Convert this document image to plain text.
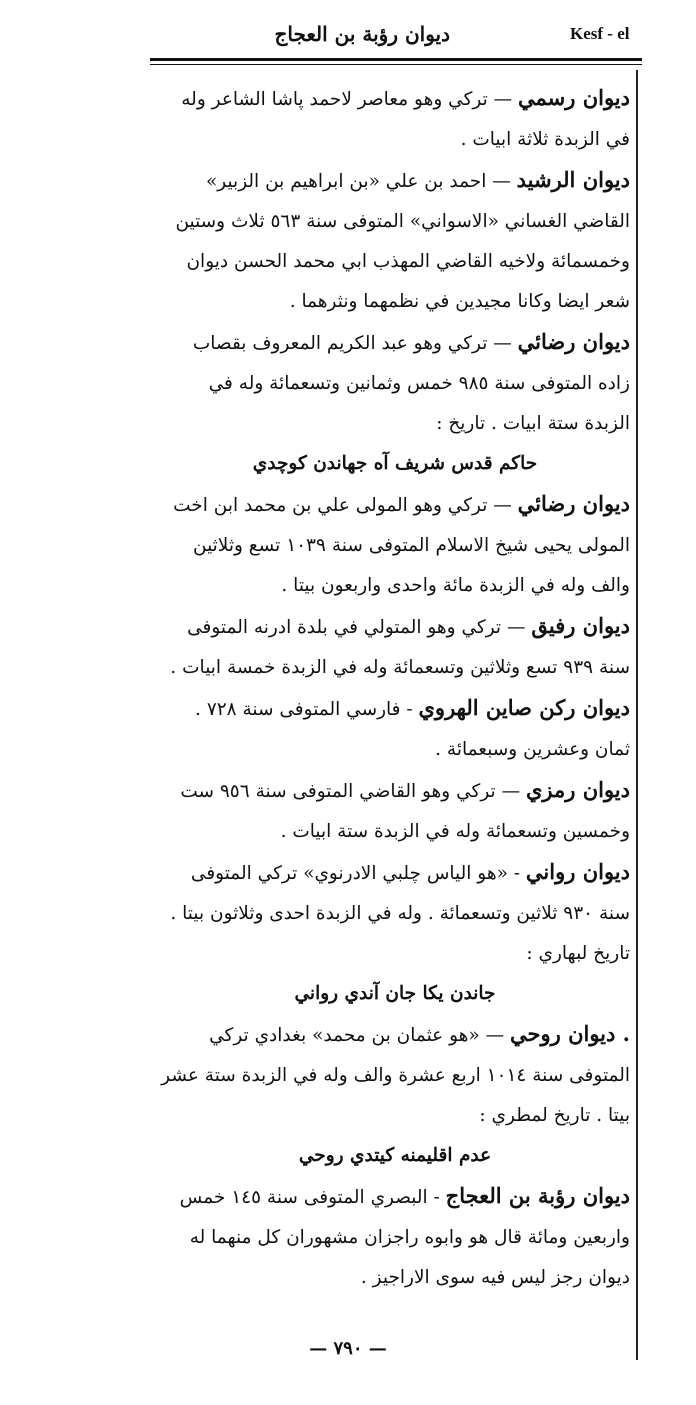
ديوان رؤبة بن العجاج	Kesf - el

ديوان رسمي — تركي وهو معاصر لاحمد پاشا الشاعر وله في الزبدة ثلاثة ابيات .

ديوان الرشيد — احمد بن علي «بن ابراهيم بن الزبير» القاضي الغساني «الاسواني» المتوفى سنة ٥٦٣ ثلاث وستين وخمسمائة ولاخيه القاضي المهذب ابي محمد الحسن ديوان شعر ايضا وكانا مجيدين في نظمهما ونثرهما .

ديوان رضائي — تركي وهو عبد الكريم المعروف بقصاب زاده المتوفى سنة ٩٨٥ خمس وثمانين وتسعمائة وله في الزبدة ستة ابيات . تاريخ :

حاكم قدس شريف آه جهاندن كوچدي

ديوان رضائي — تركي وهو المولى علي بن محمد ابن اخت المولى يحيى شيخ الاسلام المتوفى سنة ١٠٣٩ تسع وثلاثين والف وله في الزبدة مائة واحدى واربعون بيتا .

ديوان رفيق — تركي وهو المتولي في بلدة ادرنه المتوفى سنة ٩٣٩ تسع وثلاثين وتسعمائة وله في الزبدة خمسة ابيات .

ديوان ركن صاين الهروي - فارسي المتوفى سنة ٧٢٨ . ثمان وعشرين وسبعمائة .

ديوان رمزي — تركي وهو القاضي المتوفى سنة ٩٥٦ ست وخمسين وتسعمائة وله في الزبدة ستة ابيات .

ديوان رواني - «هو الياس چلبي الادرنوي» تركي المتوفى سنة ٩٣٠ ثلاثين وتسعمائة . وله في الزبدة احدى وثلاثون بيتا . تاريخ لبهاري :

جاندن يكا جان آندي رواني

. ديوان روحي — «هو عثمان بن محمد» بغدادي تركي المتوفى سنة ١٠١٤ اربع عشرة والف وله في الزبدة ستة عشر بيتا . تاريخ لمطري :

عدم اقليمنه كيتدي روحي

ديوان رؤبة بن العجاج - البصري المتوفى سنة ١٤٥ خمس واربعين ومائة قال هو وابوه راجزان مشهوران كل منهما له ديوان رجز ليس فيه سوى الاراجيز .

— ٧٩٠ —
